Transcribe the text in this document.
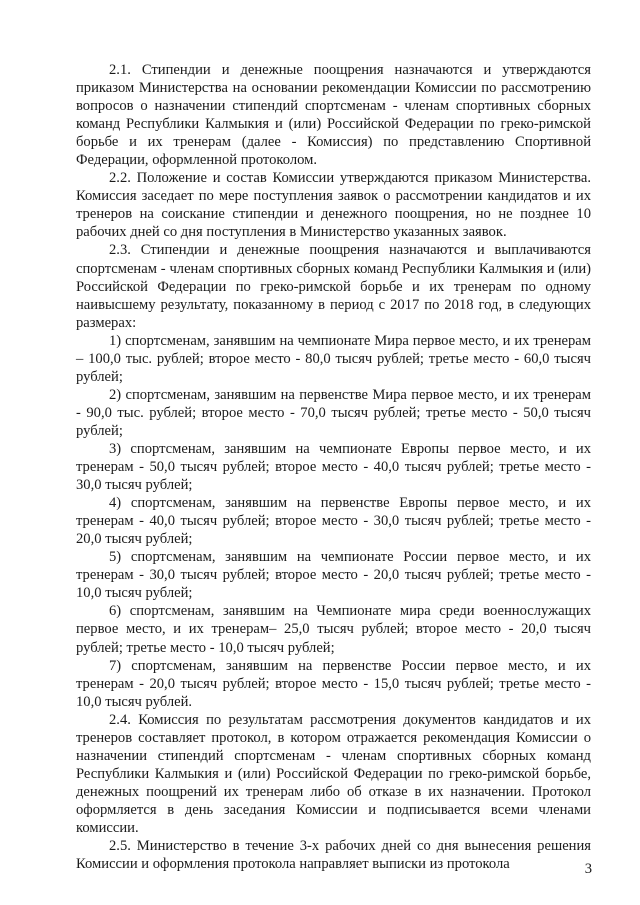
2.1. Стипендии и денежные поощрения назначаются и утверждаются приказом Министерства на основании рекомендации Комиссии по рассмотрению вопросов о назначении стипендий спортсменам - членам спортивных сборных команд Республики Калмыкия и (или) Российской Федерации по греко-римской борьбе и их тренерам (далее - Комиссия) по представлению Спортивной Федерации, оформленной протоколом.

2.2. Положение и состав Комиссии утверждаются приказом Министерства. Комиссия заседает по мере поступления заявок о рассмотрении кандидатов и их тренеров на соискание стипендии и денежного поощрения, но не позднее 10 рабочих дней со дня поступления в Министерство указанных заявок.

2.3. Стипендии и денежные поощрения назначаются и выплачиваются спортсменам - членам спортивных сборных команд Республики Калмыкия и (или) Российской Федерации по греко-римской борьбе и их тренерам по одному наивысшему результату, показанному в период с 2017 по 2018 год, в следующих размерах:

1) спортсменам, занявшим на чемпионате Мира первое место, и их тренерам – 100,0 тыс. рублей; второе место - 80,0 тысяч рублей; третье место - 60,0 тысяч рублей;

2) спортсменам, занявшим на первенстве Мира первое место, и их тренерам - 90,0 тыс. рублей; второе место - 70,0 тысяч рублей; третье место - 50,0 тысяч рублей;

3) спортсменам, занявшим на чемпионате Европы первое место, и их тренерам - 50,0 тысяч рублей; второе место - 40,0 тысяч рублей; третье место - 30,0 тысяч рублей;

4) спортсменам, занявшим на первенстве Европы первое место, и их тренерам - 40,0 тысяч рублей; второе место - 30,0 тысяч рублей; третье место - 20,0 тысяч рублей;

5) спортсменам, занявшим на чемпионате России первое место, и их тренерам - 30,0 тысяч рублей; второе место - 20,0 тысяч рублей; третье место - 10,0 тысяч рублей;

6) спортсменам, занявшим на Чемпионате мира среди военнослужащих первое место, и их тренерам– 25,0 тысяч рублей; второе место - 20,0 тысяч рублей; третье место - 10,0 тысяч рублей;

7) спортсменам, занявшим на первенстве России первое место, и их тренерам - 20,0 тысяч рублей; второе место - 15,0 тысяч рублей; третье место - 10,0 тысяч рублей.

2.4. Комиссия по результатам рассмотрения документов кандидатов и их тренеров составляет протокол, в котором отражается рекомендация Комиссии о назначении стипендий спортсменам - членам спортивных сборных команд Республики Калмыкия и (или) Российской Федерации по греко-римской борьбе, денежных поощрений их тренерам либо об отказе в их назначении. Протокол оформляется в день заседания Комиссии и подписывается всеми членами комиссии.

2.5. Министерство в течение 3-х рабочих дней со дня вынесения решения Комиссии и оформления протокола направляет выписки из протокола	3
